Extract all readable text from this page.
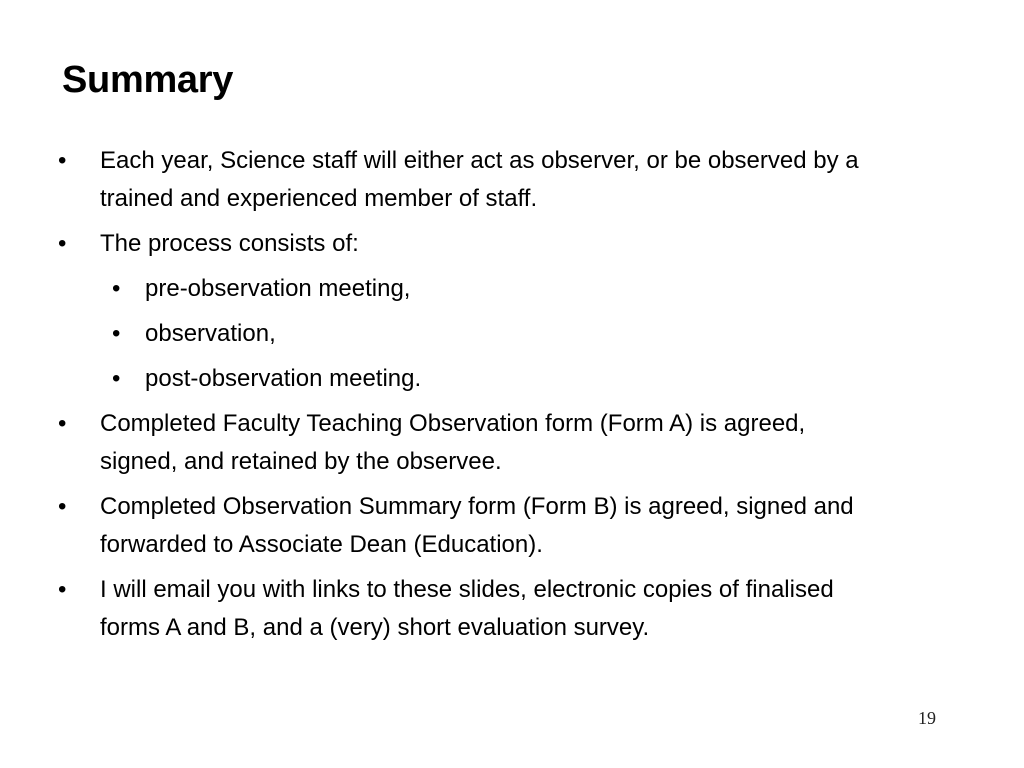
Summary
•	Each year, Science staff will either act as observer, or be observed by a trained and experienced member of staff.
•	The process consists of:
•	pre-observation meeting,
•	observation,
•	post-observation meeting.
•	Completed Faculty Teaching Observation form (Form A) is agreed, signed, and retained by the observee.
•	Completed Observation Summary form (Form B) is agreed, signed and forwarded to Associate Dean (Education).
•	I will email you with links to these slides, electronic copies of finalised forms A and B, and a (very) short evaluation survey.
19
